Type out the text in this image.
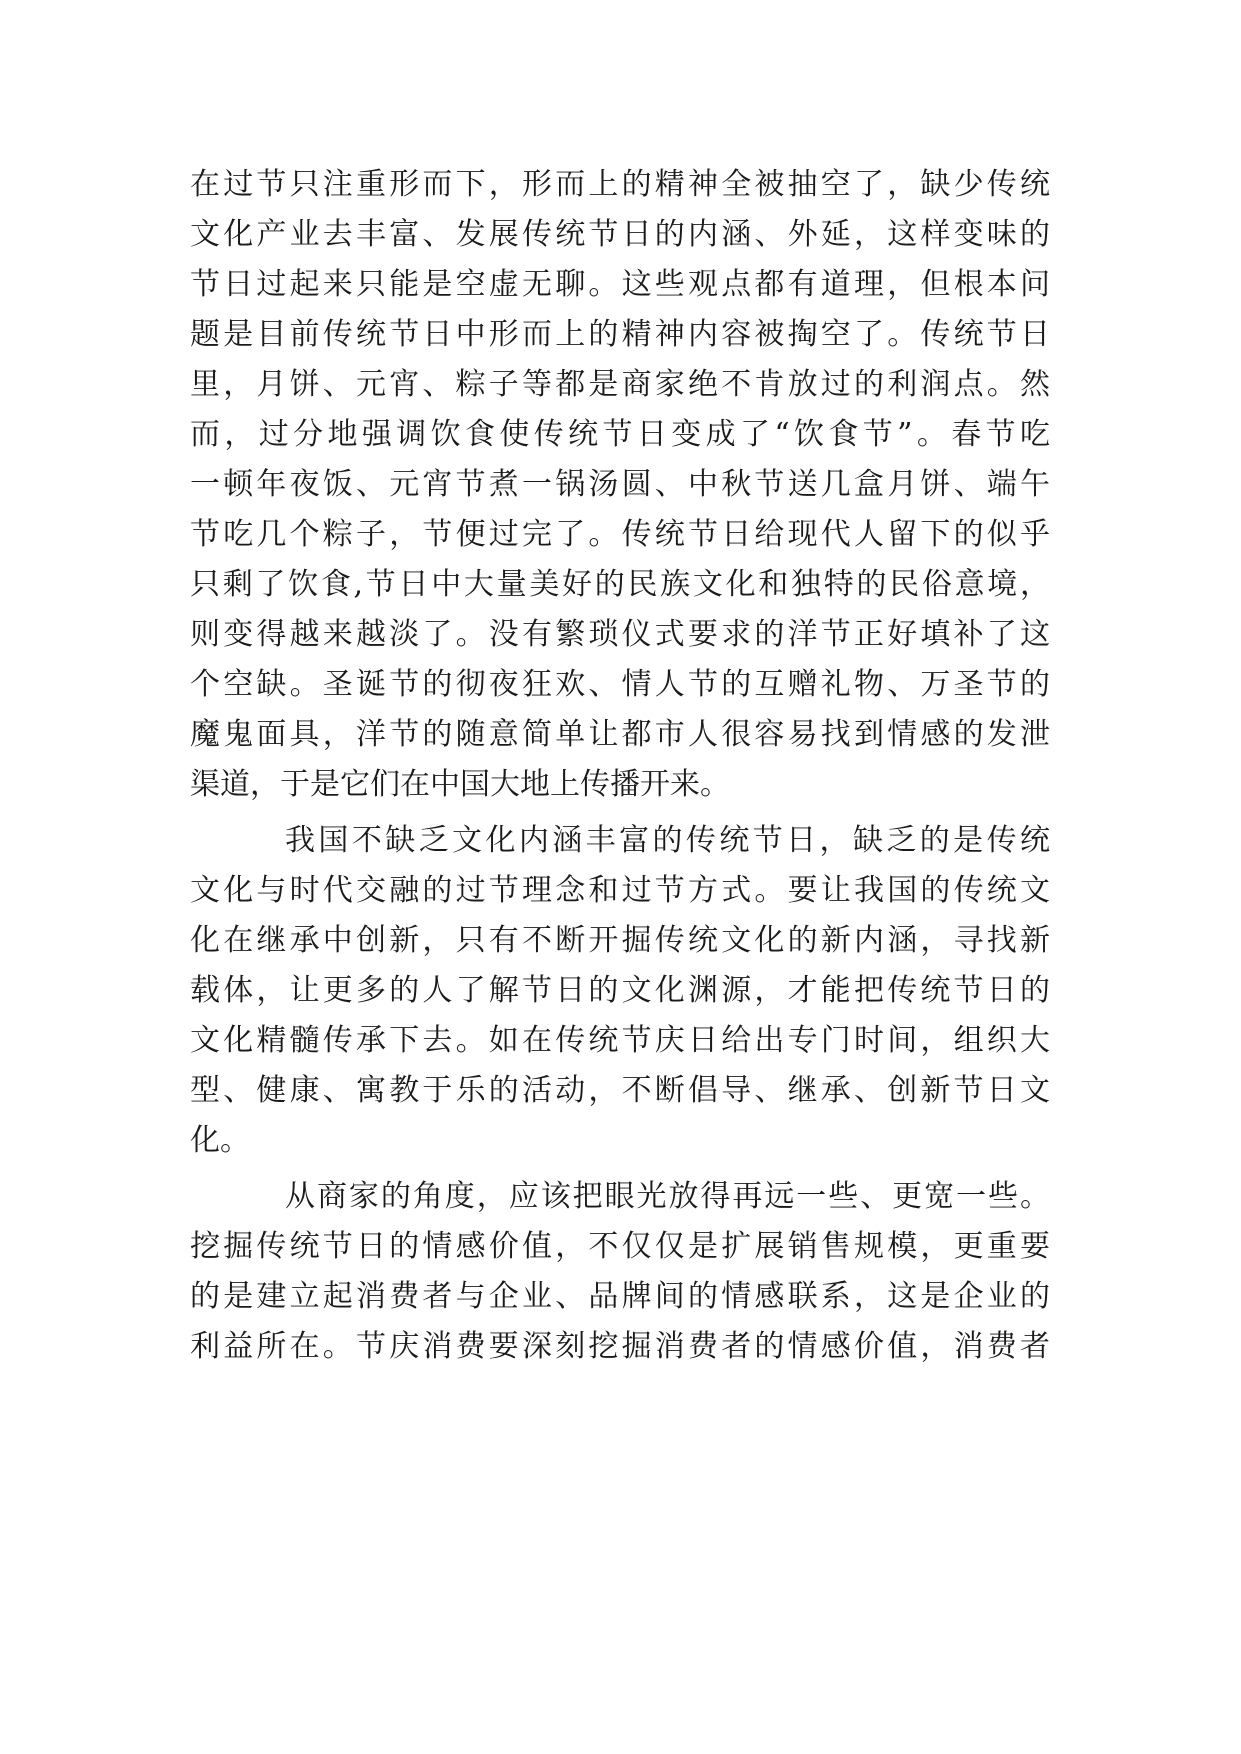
在过节只注重形而下，形而上的精神全被抽空了，缺少传统
文化产业去丰富、发展传统节日的内涵、外延，这样变味的
节日过起来只能是空虚无聊。这些观点都有道理，但根本问
题是目前传统节日中形而上的精神内容被掏空了。传统节日
里，月饼、元宵、粽子等都是商家绝不肯放过的利润点。然
而，过分地强调饮食使传统节日变成了“饮食节”。春节吃
一顿年夜饭、元宵节煮一锅汤圆、中秋节送几盒月饼、端午
节吃几个粽子，节便过完了。传统节日给现代人留下的似乎
只剩了饮食,节日中大量美好的民族文化和独特的民俗意境，
则变得越来越淡了。没有繁琐仪式要求的洋节正好填补了这
个空缺。圣诞节的彻夜狂欢、情人节的互赠礼物、万圣节的
魔鬼面具，洋节的随意简单让都市人很容易找到情感的发泄
渠道，于是它们在中国大地上传播开来。
我国不缺乏文化内涵丰富的传统节日，缺乏的是传统
文化与时代交融的过节理念和过节方式。要让我国的传统文
化在继承中创新，只有不断开掘传统文化的新内涵，寻找新
载体，让更多的人了解节日的文化渊源，才能把传统节日的
文化精髓传承下去。如在传统节庆日给出专门时间，组织大
型、健康、寓教于乐的活动，不断倡导、继承、创新节日文
化。
从商家的角度，应该把眼光放得再远一些、更宽一些。
挖掘传统节日的情感价值，不仅仅是扩展销售规模，更重要
的是建立起消费者与企业、品牌间的情感联系，这是企业的
利益所在。节庆消费要深刻挖掘消费者的情感价值，消费者
